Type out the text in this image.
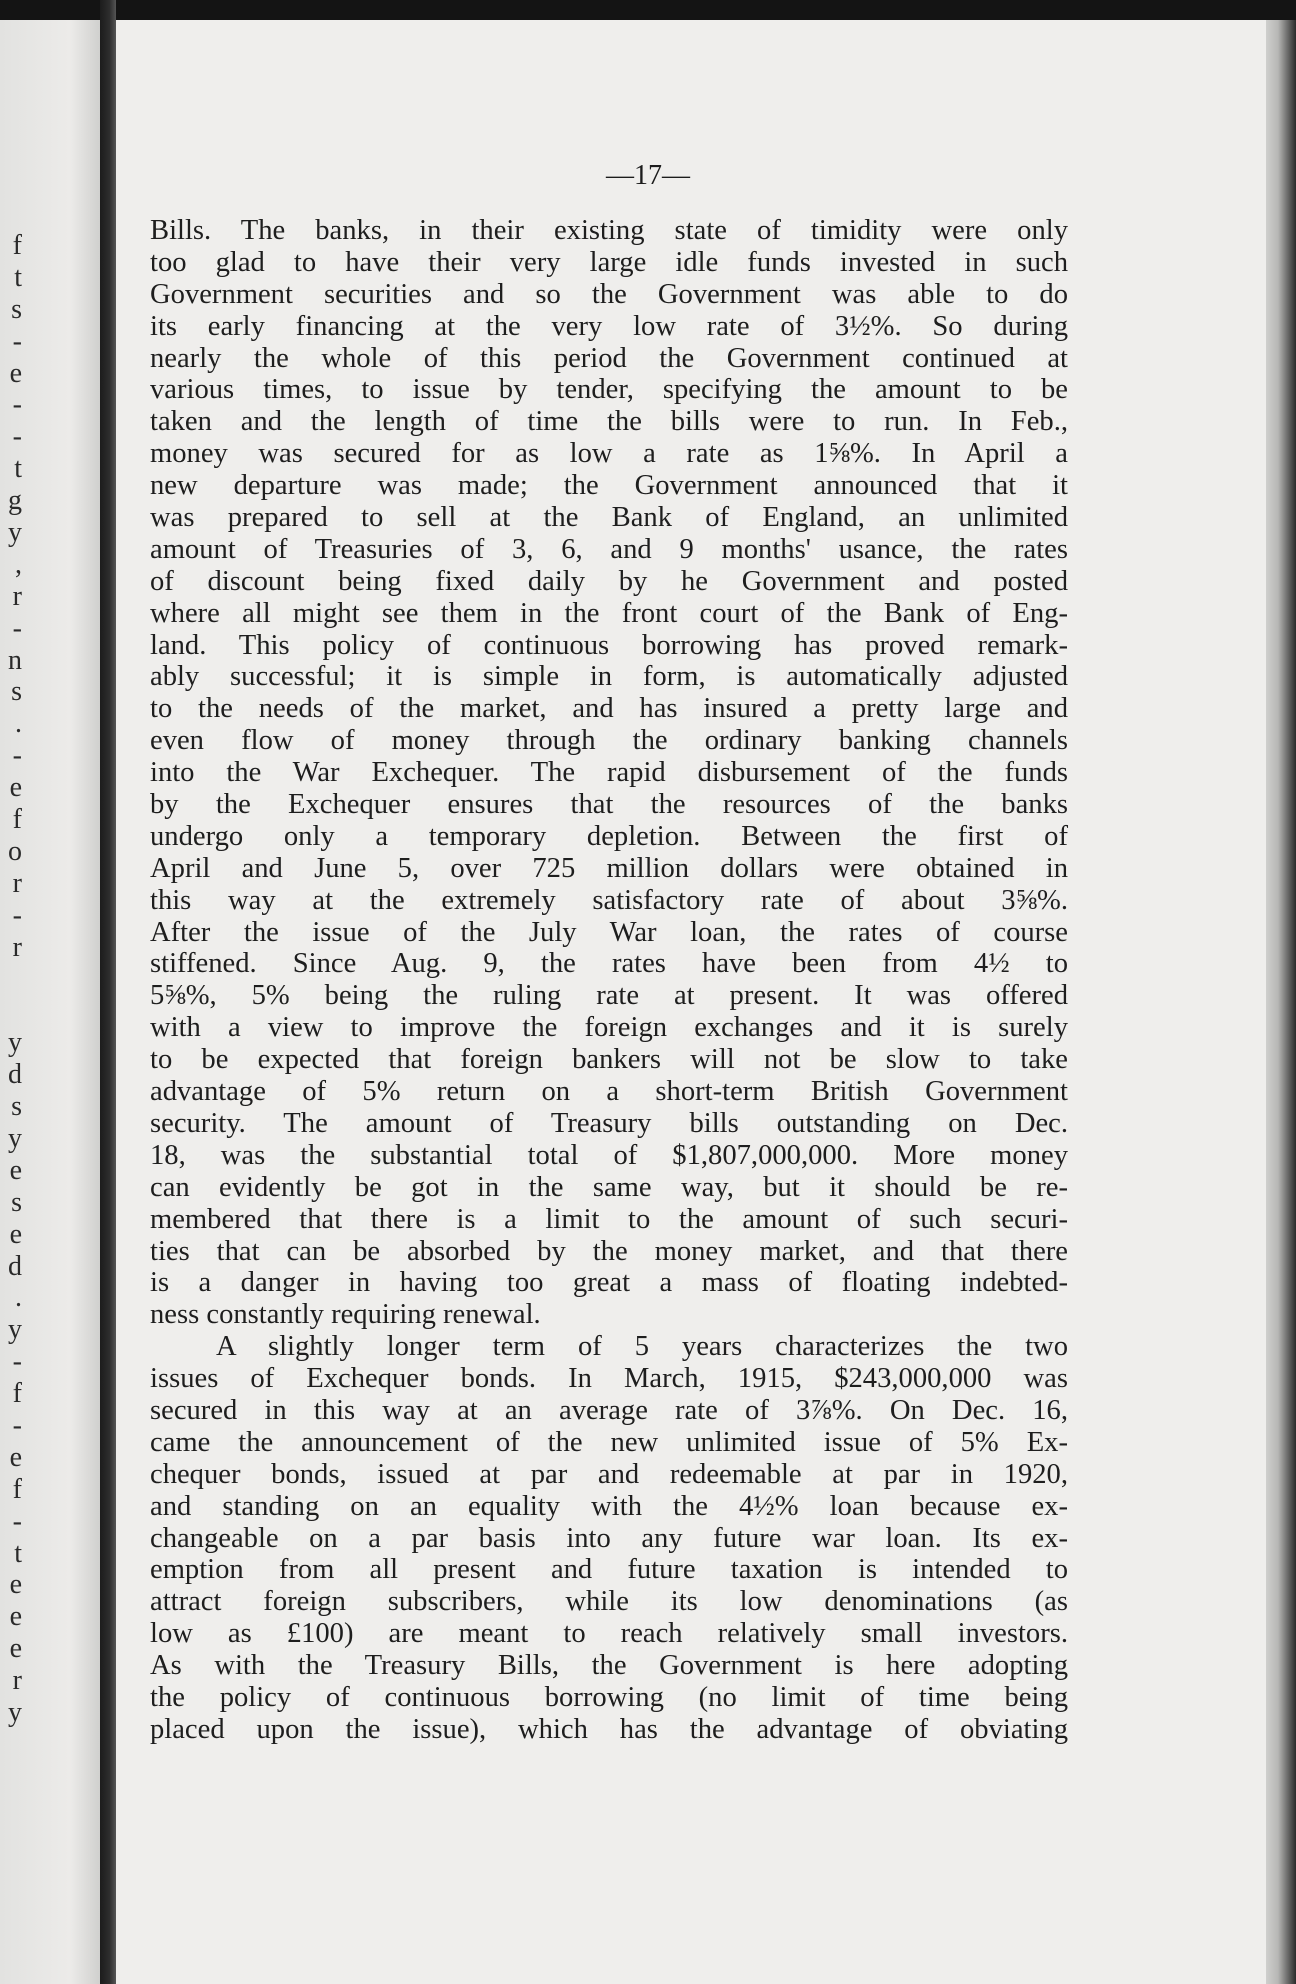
f
t
s
-
e
-
-
t
g
y
,
r
-
n
s
.
-
e
f
o
r
-
r
y
d
s
y
e
s
e
d
.
y
-
f
-
e
f
-
t
e
e
e
r
y
—17—
Bills. The banks, in their existing state of timidity were only
too glad to have their very large idle funds invested in such
Government securities and so the Government was able to do
its early financing at the very low rate of 3½%. So during
nearly the whole of this period the Government continued at
various times, to issue by tender, specifying the amount to be
taken and the length of time the bills were to run. In Feb.,
money was secured for as low a rate as 1⅝%. In April a
new departure was made; the Government announced that it
was prepared to sell at the Bank of England, an unlimited
amount of Treasuries of 3, 6, and 9 months' usance, the rates
of discount being fixed daily by he Government and posted
where all might see them in the front court of the Bank of Eng-
land. This policy of continuous borrowing has proved remark-
ably successful; it is simple in form, is automatically adjusted
to the needs of the market, and has insured a pretty large and
even flow of money through the ordinary banking channels
into the War Exchequer. The rapid disbursement of the funds
by the Exchequer ensures that the resources of the banks
undergo only a temporary depletion. Between the first of
April and June 5, over 725 million dollars were obtained in
this way at the extremely satisfactory rate of about 3⅝%.
After the issue of the July War loan, the rates of course
stiffened. Since Aug. 9, the rates have been from 4½ to
5⅝%, 5% being the ruling rate at present. It was offered
with a view to improve the foreign exchanges and it is surely
to be expected that foreign bankers will not be slow to take
advantage of 5% return on a short-term British Government
security. The amount of Treasury bills outstanding on Dec.
18, was the substantial total of $1,807,000,000. More money
can evidently be got in the same way, but it should be re-
membered that there is a limit to the amount of such securi-
ties that can be absorbed by the money market, and that there
is a danger in having too great a mass of floating indebted-
ness constantly requiring renewal.
A slightly longer term of 5 years characterizes the two
issues of Exchequer bonds. In March, 1915, $243,000,000 was
secured in this way at an average rate of 3⅞%. On Dec. 16,
came the announcement of the new unlimited issue of 5% Ex-
chequer bonds, issued at par and redeemable at par in 1920,
and standing on an equality with the 4½% loan because ex-
changeable on a par basis into any future war loan. Its ex-
emption from all present and future taxation is intended to
attract foreign subscribers, while its low denominations (as
low as £100) are meant to reach relatively small investors.
As with the Treasury Bills, the Government is here adopting
the policy of continuous borrowing (no limit of time being
placed upon the issue), which has the advantage of obviating
